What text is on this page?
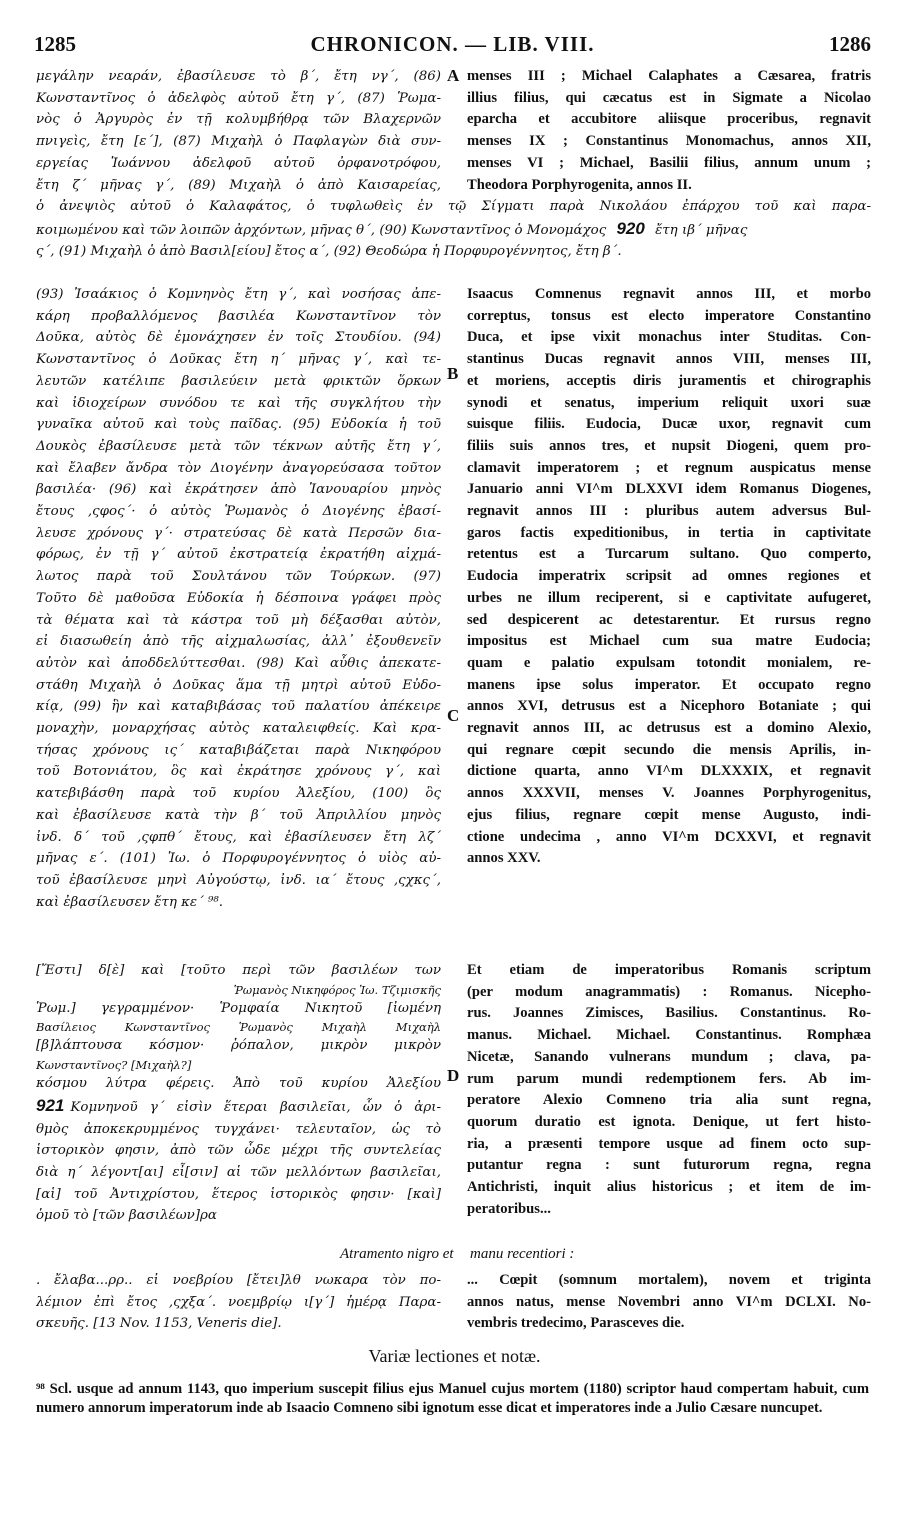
1285	CHRONICON. — LIB. VIII.	1286
μεγάλην νεαράν, ἐβασίλευσε τὸ β΄, ἔτη νγ΄, (86)
Κωνσταντῖνος ὁ ἀδελφὸς αὐτοῦ ἔτη γ΄, (87) Ῥωμα-
νὸς ὁ Ἀργυρὸς ἐν τῇ κολυμβήθρᾳ τῶν Βλαχερνῶν
πνιγεὶς, ἔτη [ε΄], (87) Μιχαὴλ ὁ Παφλαγὼν διὰ συν-
εργείας Ἰωάννου ἀδελφοῦ αὐτοῦ ὀρφανοτρόφου,
ἔτη ζ΄ μῆνας γ΄, (89) Μιχαὴλ ὁ ἀπὸ Καισαρείας,
A menses III ; Michael Calaphates a Cæsarea, fratris
illius filius, qui cæcatus est in Sigmate a Nicolao
eparcha et accubitore aliisque proceribus, regnavit
menses IX ; Constantinus Monomachus, annos XII,
menses VI ; Michael, Basilii filius, annum unum ;
Theodora Porphyrogenita, annos II.
ὁ ἀνεψιὸς αὐτοῦ ὁ Καλαφάτος, ὁ τυφλωθεὶς ἐν τῷ Σίγματι παρὰ Νικολάου ἐπάρχου τοῦ καὶ παρα-
κοιμωμένου καὶ τῶν λοιπῶν ἀρχόντων, μῆνας θ΄, (90) Κωνσταντῖνος ὁ Μονομάχος 920 ἔτη ιβ΄ μῆνας
ς΄, (91) Μιχαὴλ ὁ ἀπὸ Βασιλ[είου] ἔτος α΄, (92) Θεοδώρα ἡ Πορφυρογέννητος, ἔτη β΄.
(93) Ἰσαάκιος ὁ Κομνηνὸς ἔτη γ΄, καὶ νοσήσας ἀπε-
κάρη προβαλλόμενος βασιλέα Κωνσταντῖνον τὸν
Δοῦκα, αὐτὸς δὲ ἐμονάχησεν ἐν τοῖς Στουδίου. (94)
Κωνσταντῖνος ὁ Δοῦκας ἔτη η΄ μῆνας γ΄, καὶ τε-
λευτῶν κατέλιπε βασιλεύειν μετὰ φρικτῶν ὅρκων
καὶ ἰδιοχείρων συνόδου τε καὶ τῆς συγκλήτου τὴν
γυναῖκα αὐτοῦ καὶ τοὺς παῖδας. (95) Εὐδοκία ἡ τοῦ
Δουκὸς ἐβασίλευσε μετὰ τῶν τέκνων αὐτῆς ἔτη γ΄,
καὶ ἔλαβεν ἄνδρα τὸν Διογένην ἀναγορεύσασα τοῦτον
βασιλέα· (96) καὶ ἐκράτησεν ἀπὸ Ἰανουαρίου μηνὸς
ἔτους ,ςφος΄· ὁ αὐτὸς Ῥωμανὸς ὁ Διογένης ἐβασί-
λευσε χρόνους γ΄· στρατεύσας δὲ κατὰ Περσῶν δια-
φόρως, ἐν τῇ γ΄ αὐτοῦ ἐκστρατείᾳ ἐκρατήθη αἰχμά-
λωτος παρὰ τοῦ Σουλτάνου τῶν Τούρκων. (97)
Τοῦτο δὲ μαθοῦσα Εὐδοκία ἡ δέσποινα γράφει πρὸς
τὰ θέματα καὶ τὰ κάστρα τοῦ μὴ δέξασθαι αὐτὸν,
εἰ διασωθείη ἀπὸ τῆς αἰχμαλωσίας, ἀλλ᾽ ἐξουθενεῖν
αὐτὸν καὶ ἀποδδελύττεσθαι. (98) Καὶ αὖθις ἀπεκατε-
στάθη Μιχαὴλ ὁ Δοῦκας ἅμα τῇ μητρὶ αὐτοῦ Εὐδο-
κίᾳ, (99) ἣν καὶ καταβιβάσας τοῦ παλατίου ἀπέκειρε
μοναχὴν, μοναρχήσας αὐτὸς καταλειφθείς. Καὶ κρα-
τήσας χρόνους ις΄ καταβιβάζεται παρὰ Νικηφόρου
τοῦ Βοτονιάτου, ὃς καὶ ἐκράτησε χρόνους γ΄, καὶ
κατεβιβάσθη παρὰ τοῦ κυρίου Ἀλεξίου, (100) ὃς
καὶ ἐβασίλευσε κατὰ τὴν β΄ τοῦ Ἀπριλλίου μηνὸς
ἰνδ. δ΄ τοῦ ,ςφπθ΄ ἔτους, καὶ ἐβασίλευσεν ἔτη λζ΄
μῆνας ε΄. (101) Ἰω. ὁ Πορφυρογέννητος ὁ υἱὸς αὐ-
τοῦ ἐβασίλευσε μηνὶ Αὐγούστῳ, ἰνδ. ια΄ ἔτους ,ςχκς΄,
καὶ ἐβασίλευσεν ἔτη κε΄ ⁹⁸.
B
C
Isaacus Comnenus regnavit annos III, et morbo
correptus, tonsus est electo imperatore Constantino
Duca, et ipse vixit monachus inter Studitas. Con-
stantinus Ducas regnavit annos VIII, menses III,
et moriens, acceptis diris juramentis et chirographis
synodi et senatus, imperium reliquit uxori suæ
suisque filiis. Eudocia, Ducæ uxor, regnavit cum
filiis suis annos tres, et nupsit Diogeni, quem pro-
clamavit imperatorem ; et regnum auspicatus mense
Januario anni VI^m DLXXVI idem Romanus Diogenes,
regnavit annos III : pluribus autem adversus Bul-
garos factis expeditionibus, in tertia in captivitate
retentus est a Turcarum sultano. Quo comperto,
Eudocia imperatrix scripsit ad omnes regiones et
urbes ne illum reciperent, si e captivitate aufugeret,
sed despicerent ac detestarentur. Et rursus regno
impositus est Michael cum sua matre Eudocia;
quam e palatio expulsam totondit monialem, re-
manens ipse solus imperator. Et occupato regno
annos XVI, detrusus est a Nicephoro Botaniate ; qui
regnavit annos III, ac detrusus est a domino Alexio,
qui regnare cœpit secundo die mensis Aprilis, in-
dictione quarta, anno VI^m DLXXXIX, et regnavit
annos XXXVII, menses V. Joannes Porphyrogenitus,
ejus filius, regnare cœpit mense Augusto, indi-
ctione undecima , anno VI^m DCXXVI, et regnavit
annos XXV.
[Ἔστι] δ[ὲ] καὶ [τοῦτο περὶ τῶν βασιλέων των
Ῥωμανὸς Νικηφόρος Ἰω. Τζιμισκῆς
Ῥωμ.] γεγραμμένον· Ῥομφαία Νικητοῦ [ἰωμένη
Βασίλειος Κωνσταντῖνος Ῥωμανὸς Μιχαὴλ Μιχαὴλ
[β]λάπτουσα κόσμον· ῥόπαλον, μικρὸν μικρὸν
Κωνσταντῖνος? [Μιχαὴλ?]
κόσμου λύτρα φέρεις. Ἀπὸ τοῦ κυρίου Ἀλεξίου
921 Κομνηνοῦ γ΄ εἰσὶν ἕτεραι βασιλεῖαι, ὧν ὁ ἀρι-
θμὸς ἀποκεκρυμμένος τυγχάνει· τελευταῖον, ὡς τὸ
ἱστορικὸν φησιν, ἀπὸ τῶν ὧδε μέχρι τῆς συντελείας
διὰ η΄ λέγοντ[αι] εἶ[σιν] αἱ τῶν μελλόντων βασιλεῖαι,
[αἱ] τοῦ Ἀντιχρίστου, ἕτερος ἱστορικὸς φησιν· [καὶ]
ὁμοῦ τὸ [τῶν βασιλέων]ρα
D
Et etiam de imperatoribus Romanis scriptum
(per modum anagrammatis) : Romanus. Nicepho-
rus. Joannes Zimisces, Basilius. Constantinus. Ro-
manus. Michael. Michael. Constantinus. Romphæa
Nicetæ, Sanando vulnerans mundum ; clava, pa-
rum parum mundi redemptionem fers. Ab im-
peratore Alexio Comneno tria alia sunt regna,
quorum duratio est ignota. Denique, ut fert histo-
ria, a præsenti tempore usque ad finem octo sup-
putantur regna : sunt futurorum regna, regna
Antichristi, inquit alius historicus ; et item de im-
peratoribus...
Atramento nigro et manu recentiori :
. ἔλαβα...ρρ.. εἰ νοεβρίου [ἔτει]λθ νωκαρα τὸν πο-
λέμιον ἐπὶ ἔτος ,ςχξα΄. νοεμβρίῳ ι[γ΄] ἡμέρᾳ Παρα-
σκευῆς. [13 Nov. 1153, Veneris die].
... Cœpit (somnum mortalem), novem et triginta
annos natus, mense Novembri anno VI^m DCLXI. No-
vembris tredecimo, Parasceves die.
Variæ lectiones et notæ.
⁹⁸ Scl. usque ad annum 1143, quo imperium suscepit filius ejus Manuel cujus mortem (1180) scriptor haud compertam habuit, cum numero annorum imperatorum inde ab Isaacio Comneno sibi ignotum esse dicat et imperatores inde a Julio Cæsare nuncupet.
